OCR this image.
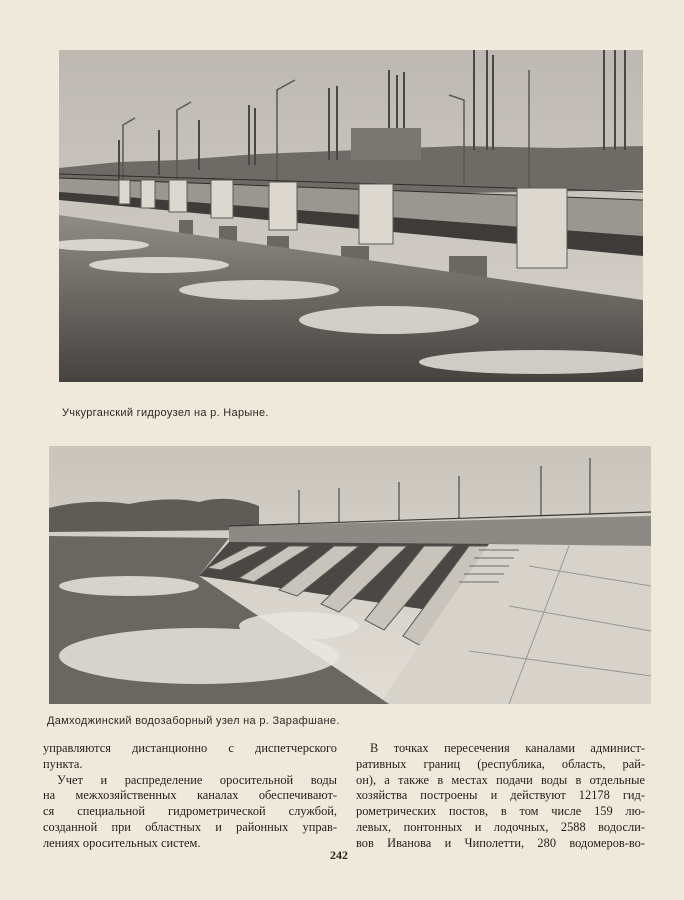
Учкурганский гидроузел на р. Нарыне.
Дамходжинский водозаборный узел на р. Зарафшане.
управляются дистанционно с диспетчерского
пункта.
Учет и распределение оросительной воды
на межхозяйственных каналах обеспечивают-
ся специальной гидрометрической службой,
созданной при областных и районных управ-
лениях оросительных систем.
В точках пересечения каналами админист-
ративных границ (республика, область, рай-
он), а также в местах подачи воды в отдельные
хозяйства построены и действуют 12178 гид-
рометрических постов, в том числе 159 лю-
левых, понтонных и лодочных, 2588 водосли-
вов Иванова и Чиполетти, 280 водомеров-во-
242
